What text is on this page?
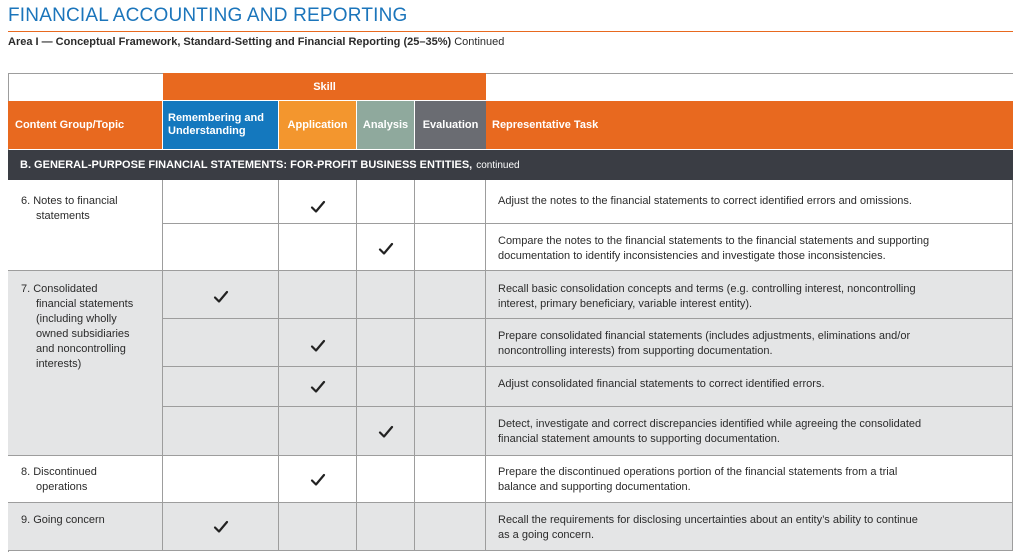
FINANCIAL ACCOUNTING AND REPORTING
Area I — Conceptual Framework, Standard-Setting and Financial Reporting (25–35%) Continued
Skill
Content Group/Topic
Remembering and
Understanding	Application Analysis Evaluation Representative Task
B. GENERAL-PURPOSE FINANCIAL STATEMENTS: FOR-PROFIT BUSINESS ENTITIES, continued
6. Notes to financial
statements
7. Consolidated
financial statements
(including wholly
owned subsidiaries
and noncontrolling
interests)
8. Discontinued
operations
9. Going concern
Adjust the notes to the financial statements to correct identified errors and omissions.
Compare the notes to the financial statements to the financial statements and supporting
documentation to identify inconsistencies and investigate those inconsistencies.
Recall basic consolidation concepts and terms (e.g. controlling interest, noncontrolling
interest, primary beneficiary, variable interest entity).
Prepare consolidated financial statements (includes adjustments, eliminations and/or
noncontrolling interests) from supporting documentation.
Adjust consolidated financial statements to correct identified errors.
Detect, investigate and correct discrepancies identified while agreeing the consolidated
financial statement amounts to supporting documentation.
Prepare the discontinued operations portion of the financial statements from a trial
balance and supporting documentation.
Recall the requirements for disclosing uncertainties about an entity’s ability to continue
as a going concern.
